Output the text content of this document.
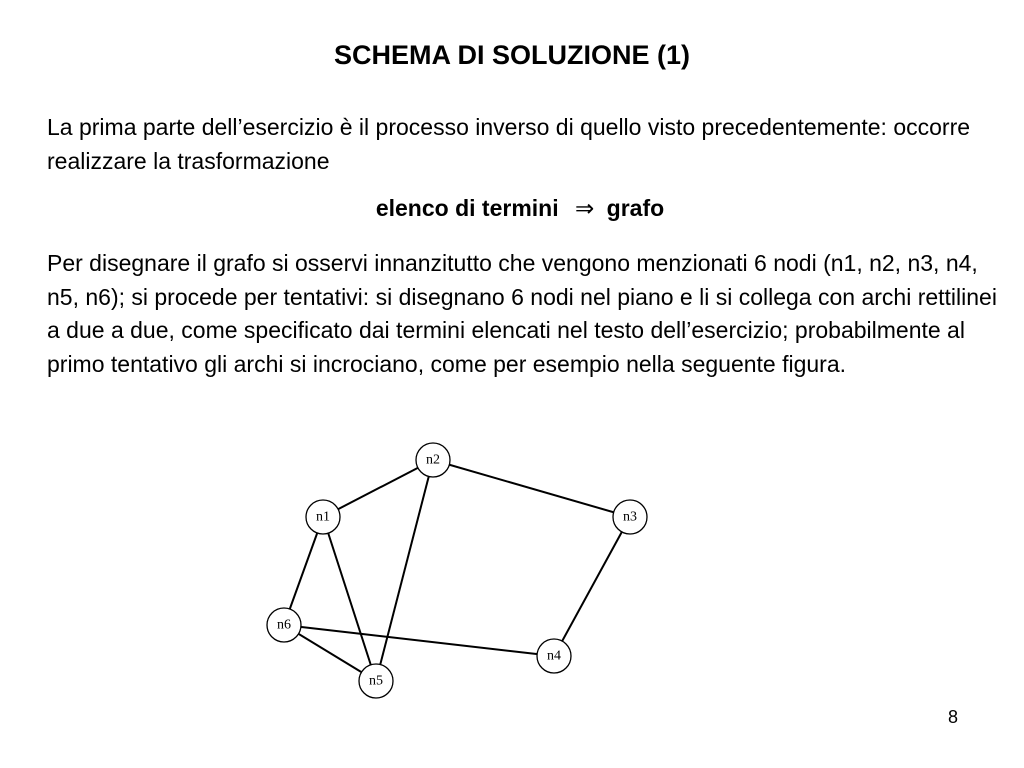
SCHEMA DI SOLUZIONE (1)

La prima parte dell’esercizio è il processo inverso di quello visto precedentemente: occorre realizzare la trasformazione

elenco di termini ⇒ grafo

Per disegnare il grafo si osservi innanzitutto che vengono menzionati 6 nodi (n1, n2, n3, n4, n5, n6); si procede per tentativi: si disegnano 6 nodi nel piano e li si collega con archi rettilinei a due a due, come specificato dai termini elencati nel testo dell’esercizio; probabilmente al primo tentativo gli archi si incrociano, come per esempio nella seguente figura.

n1
n2
n3
n4
n5
n6
8
